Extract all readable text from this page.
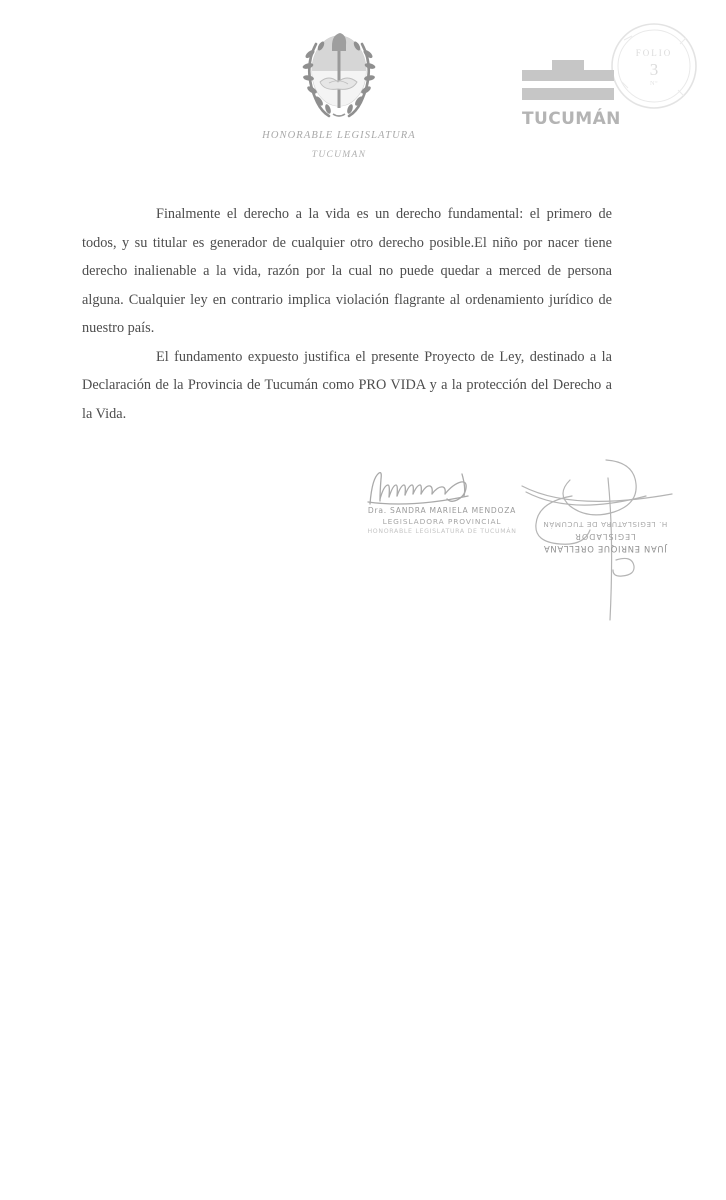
HONORABLE LEGISLATURA
TUCUMAN
TUCUMÁN
FOLIO
3
Nº

Finalmente el derecho a la vida es un derecho fundamental: el primero de todos, y su titular es generador de cualquier otro derecho posible.El niño por nacer tiene derecho inalienable a la vida, razón por la cual no puede quedar a merced de persona alguna. Cualquier ley en contrario implica violación flagrante al ordenamiento jurídico de nuestro país.

El fundamento expuesto justifica el presente Proyecto de Ley, destinado a la Declaración de la Provincia de Tucumán como PRO VIDA y a la protección del Derecho a la Vida.

Dra. SANDRA MARIELA MENDOZA
LEGISLADORA PROVINCIAL
HONORABLE LEGISLATURA DE TUCUMÁN
JUAN ENRIQUE ORELLANA
LEGISLADOR
H. LEGISLATURA DE TUCUMÁN
